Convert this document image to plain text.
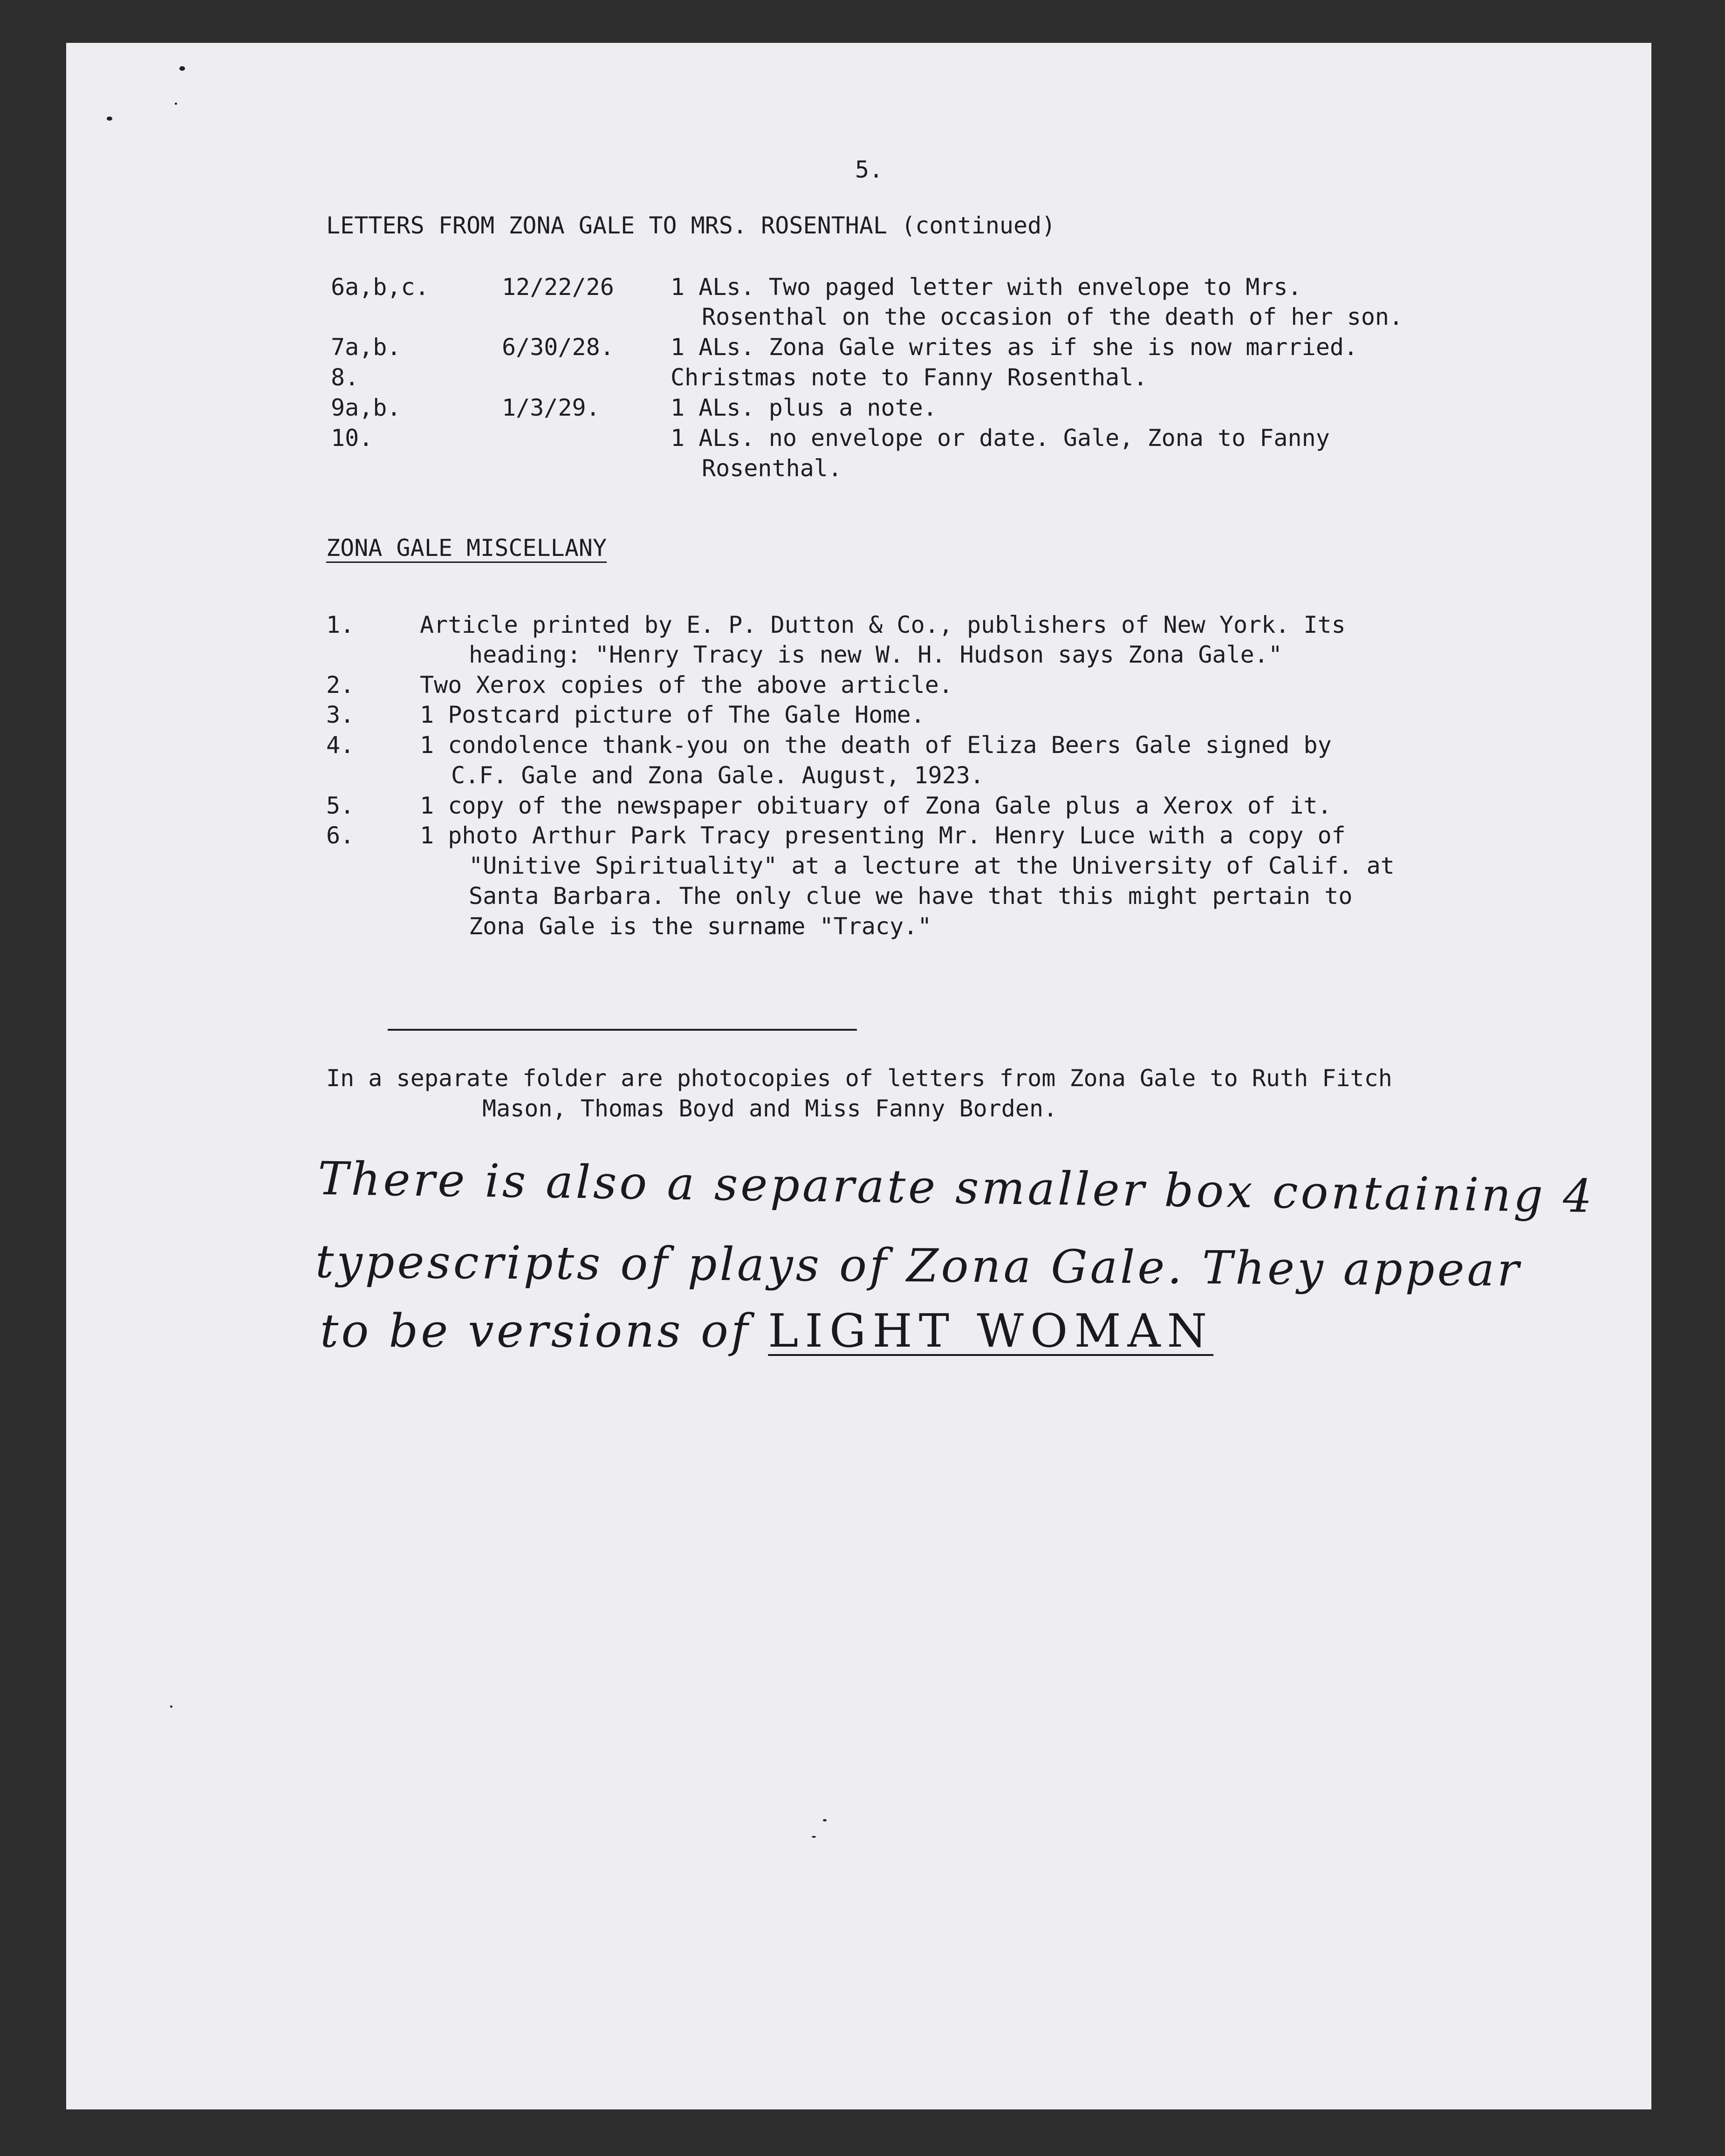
5.
LETTERS FROM ZONA GALE TO MRS. ROSENTHAL (continued)
6a,b,c.	12/22/26 1 ALs. Two paged letter with envelope to Mrs.
Rosenthal on the occasion of the death of her son.
7a,b.	6/30/28. 1 ALs. Zona Gale writes as if she is now married.
8.	Christmas note to Fanny Rosenthal.
9a,b.	1/3/29.	1 ALs. plus a note.
10.	1 ALs. no envelope or date. Gale, Zona to Fanny
Rosenthal.
ZONA GALE MISCELLANY
1.	Article printed by E. P. Dutton & Co., publishers of New York. Its
heading: "Henry Tracy is new W. H. Hudson says Zona Gale."
2.	Two Xerox copies of the above article.
3.	1 Postcard picture of The Gale Home.
4.	1 condolence thank-you on the death of Eliza Beers Gale signed by
C.F. Gale and Zona Gale. August, 1923.
5.	1 copy of the newspaper obituary of Zona Gale plus a Xerox of it.
6.	1 photo Arthur Park Tracy presenting Mr. Henry Luce with a copy of
"Unitive Spirituality" at a lecture at the University of Calif. at
Santa Barbara. The only clue we have that this might pertain to
Zona Gale is the surname "Tracy."
In a separate folder are photocopies of letters from Zona Gale to Ruth Fitch
Mason, Thomas Boyd and Miss Fanny Borden.
There is also a separate smaller box containing 4
typescripts of plays of Zona Gale. They appear
to be versions of LIGHT WOMAN
